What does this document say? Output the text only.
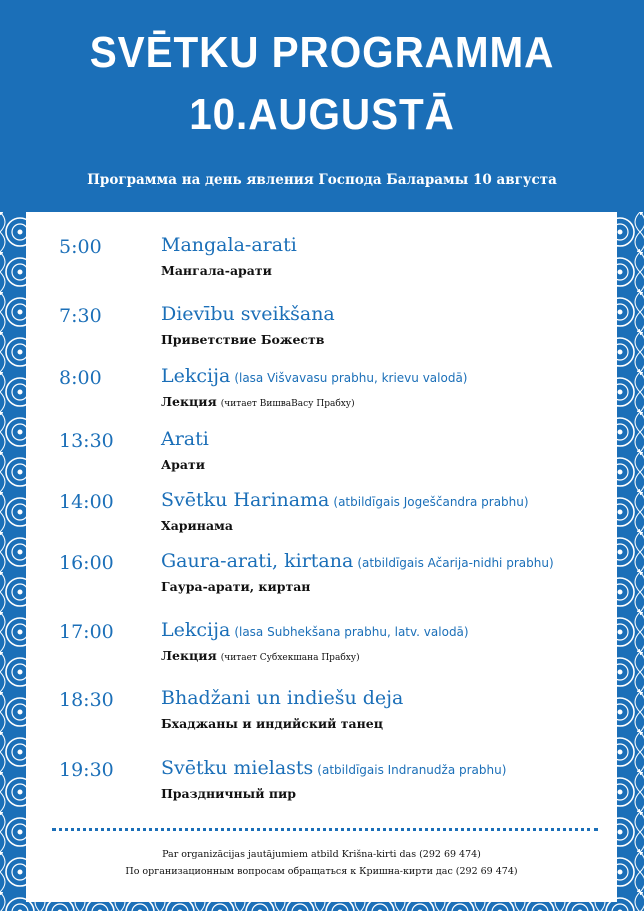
SVĒTKU PROGRAMMA
10.AUGUSTĀ
Программа на день явления Господа Баларамы 10 августа
5:00	Mangala-arati
Мангала-арати
7:30	Dievību sveikšana
Приветствие Божеств
8:00	Lekcija (lasa Višvavasu prabhu, krievu valodā)
Лекция (читает ВишваВасу Прабху)
13:30 Arati
Арати
14:00 Svētku Harinama (atbildīgais Jogeščandra prabhu)
Харинама
16:00 Gaura-arati, kirtana (atbildīgais Ačarija-nidhi prabhu)
Гаура-арати, киртан
17:00 Lekcija (lasa Subhekšana prabhu, latv. valodā)
Лекция (читает Субхекшана Прабху)
18:30 Bhadžani un indiešu deja
Бхаджаны и индийский танец
19:30 Svētku mielasts (atbildīgais Indranudža prabhu)
Праздничный пир
Par organizācijas jautājumiem atbild Krišna-kirti das (292 69 474)
По организационным вопросам обращаться к Кришна-кирти дас (292 69 474)
